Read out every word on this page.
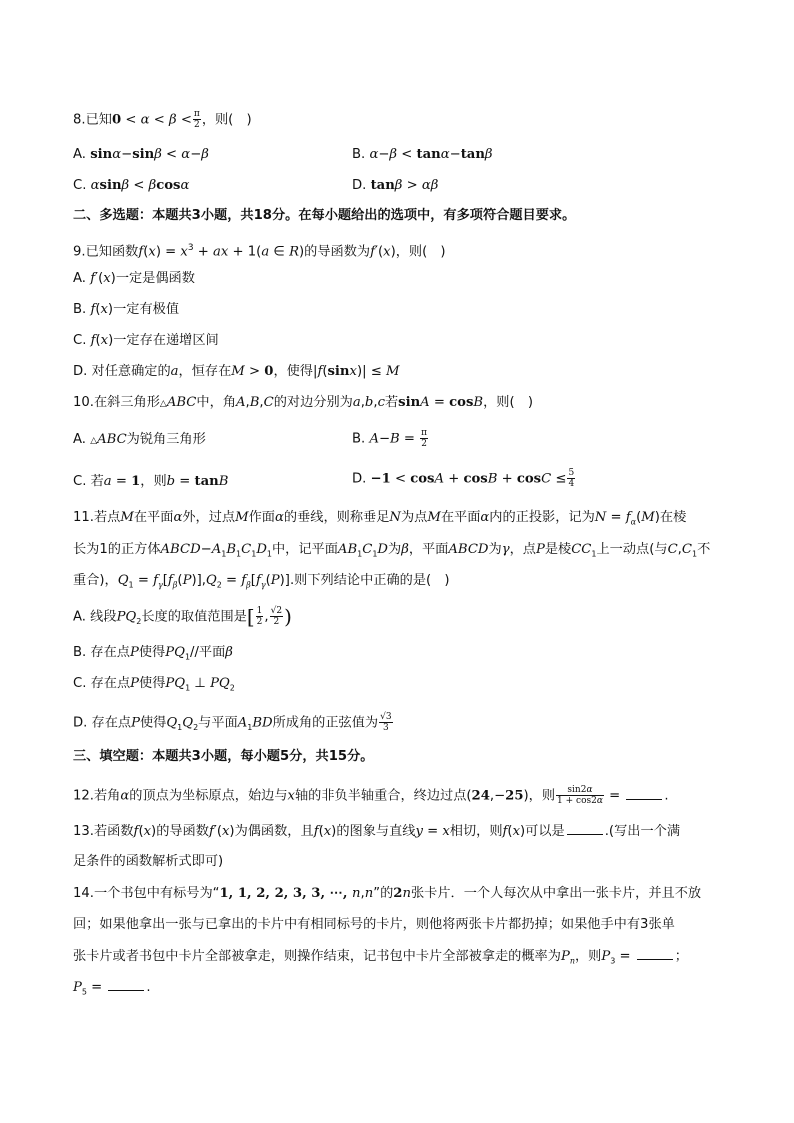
8.已知$0 < \alpha < \beta < \frac{\pi}{2}$ ，则(　)
A. sinα−sinβ < α−β	B. α−β < tanα−tanβ
C. αsinβ < βcosα	D. tanβ > αβ
二、多选题：本题共3小题，共18分。在每小题给出的选项中，有多项符合题目要求。
9.已知函数$f(x) = x^3$ + ax + 1(a ∈ R)的导函数为f′(x)，则(　)
A. f′(x)一定是偶函数
B. f(x)一定有极值
C. f(x)一定存在递增区间
D. 对任意确定的a，恒存在M > 0，使得|f(sinx)| ≤ M
10.在斜三角形△ABC中，角A,B,C的对边分别为a,b,c若sinA = cosB，则(　)
A. △ABC为锐角三角形	B. $A-B = \frac{\pi}{2}$
C. 若a = 1，则b = tanB	D. $-1 < \cos A + \cos B + \cos C \le \frac{5}{4}$
11.若点M在平面α外，过点M作面α的垂线，则称垂足N为点M在平面α内的正投影，记为$N = f_\alpha(M)$在棱
长为1的正方体$ABCD-A_1B_1C_1D_1$中，记平面$AB_1C_1D$为β，平面ABCD为γ，点P是棱$CC_1$上一动点(与$C,C_1$不
重合)，$Q_1 = f_\gamma[f_\beta(P)],Q_2 = f_\beta[f_\gamma(P)]$.则下列结论中正确的是(　)
A. 线段$PQ_2$长度的取值范围是[ $\frac{1}{2}$ , $\frac{√2}{2}$ )
B. 存在点P使得$PQ_1//$平面β
C. 存在点P使得$PQ_1$ ⊥ $PQ_2$
D. 存在点P使得$Q_1Q_2$与平面$A_1BD$所成角的正弦值为 $\frac{√3}{3}$
三、填空题：本题共3小题，每小题5分，共15分。
12.若角α的顶点为坐标原点，始边与x轴的非负半轴重合，终边过点(24,−25)，则 $\frac{\sin 2\alpha}{1 + \cos 2\alpha}$ =	.
13.若函数f(x)的导函数f′(x)为偶函数，且f(x)的图象与直线y = x相切，则f(x)可以是	.(写出一个满
足条件的函数解析式即可)
14.一个书包中有标号为“1, 1, 2, 2, 3, 3, ⋯, n,n”的2n张卡片．一个人每次从中拿出一张卡片，并且不放
回；如果他拿出一张与已拿出的卡片中有相同标号的卡片，则他将两张卡片都扔掉；如果他手中有3张单
张卡片或者书包中卡片全部被拿走，则操作结束，记书包中卡片全部被拿走的概率为$P_n$，则$P_3$ =	；
$P_5$ =	.
